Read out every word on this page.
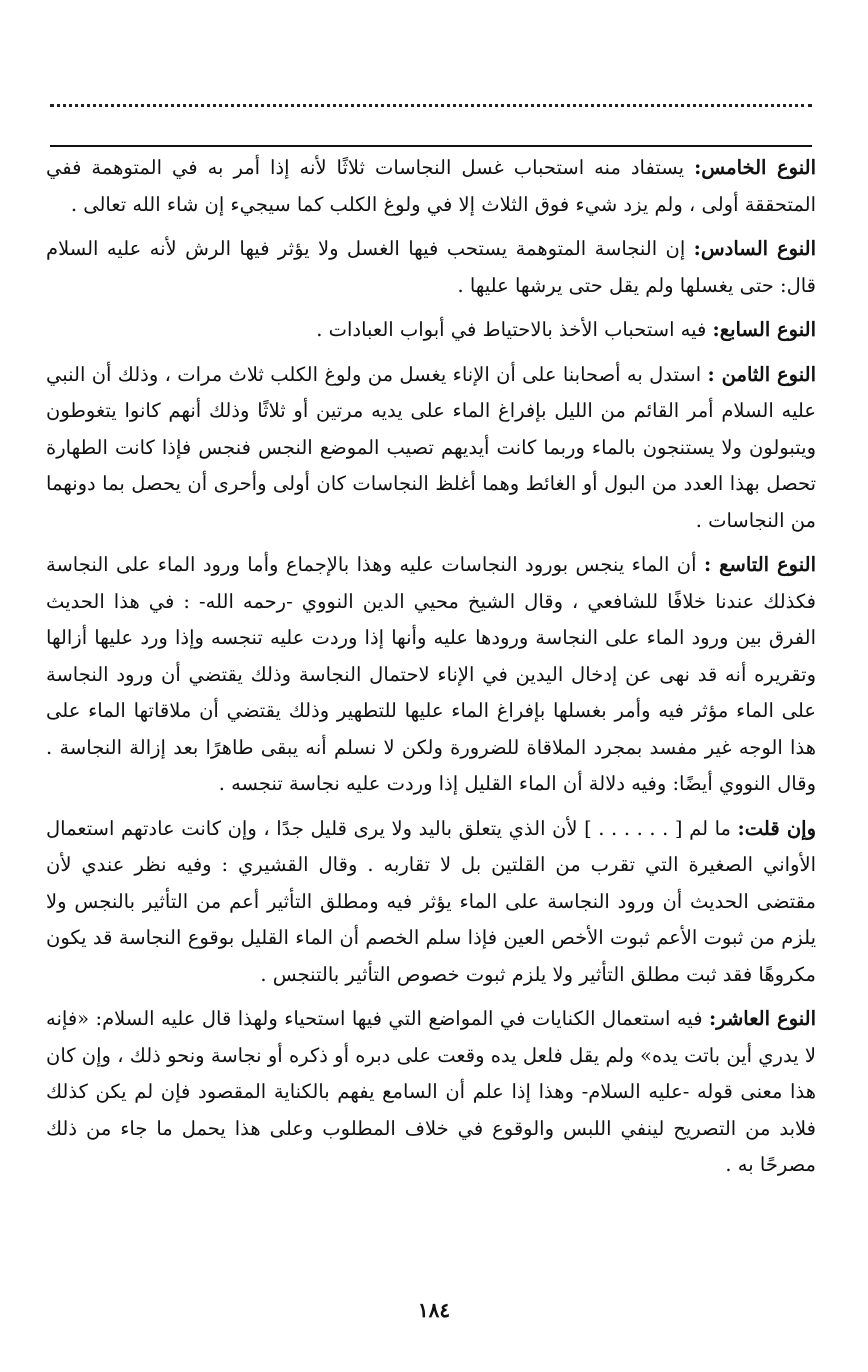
النوع الخامس: يستفاد منه استحباب غسل النجاسات ثلاثًا لأنه إذا أمر به في المتوهمة ففي المتحققة أولى ، ولم يزد شيء فوق الثلاث إلا في ولوغ الكلب كما سيجيء إن شاء الله تعالى .

النوع السادس: إن النجاسة المتوهمة يستحب فيها الغسل ولا يؤثر فيها الرش لأنه عليه السلام قال: حتى يغسلها ولم يقل حتى يرشها عليها .

النوع السابع: فيه استحباب الأخذ بالاحتياط في أبواب العبادات .

النوع الثامن : استدل به أصحابنا على أن الإناء يغسل من ولوغ الكلب ثلاث مرات ، وذلك أن النبي عليه السلام أمر القائم من الليل بإفراغ الماء على يديه مرتين أو ثلاثًا وذلك أنهم كانوا يتغوطون ويتبولون ولا يستنجون بالماء وربما كانت أيديهم تصيب الموضع النجس فنجس فإذا كانت الطهارة تحصل بهذا العدد من البول أو الغائط وهما أغلظ النجاسات كان أولى وأحرى أن يحصل بما دونهما من النجاسات .

النوع التاسع : أن الماء ينجس بورود النجاسات عليه وهذا بالإجماع وأما ورود الماء على النجاسة فكذلك عندنا خلافًا للشافعي ، وقال الشيخ محيي الدين النووي -رحمه الله- : في هذا الحديث الفرق بين ورود الماء على النجاسة ورودها عليه وأنها إذا وردت عليه تنجسه وإذا ورد عليها أزالها وتقريره أنه قد نهى عن إدخال اليدين في الإناء لاحتمال النجاسة وذلك يقتضي أن ورود النجاسة على الماء مؤثر فيه وأمر بغسلها بإفراغ الماء عليها للتطهير وذلك يقتضي أن ملاقاتها الماء على هذا الوجه غير مفسد بمجرد الملاقاة للضرورة ولكن لا نسلم أنه يبقى طاهرًا بعد إزالة النجاسة . وقال النووي أيضًا: وفيه دلالة أن الماء القليل إذا وردت عليه نجاسة تنجسه .

وإن قلت: ما لم [ . . . . . . ] لأن الذي يتعلق باليد ولا يرى قليل جدًا ، وإن كانت عادتهم استعمال الأواني الصغيرة التي تقرب من القلتين بل لا تقاربه . وقال القشيري : وفيه نظر عندي لأن مقتضى الحديث أن ورود النجاسة على الماء يؤثر فيه ومطلق التأثير أعم من التأثير بالنجس ولا يلزم من ثبوت الأعم ثبوت الأخص العين فإذا سلم الخصم أن الماء القليل بوقوع النجاسة قد يكون مكروهًا فقد ثبت مطلق التأثير ولا يلزم ثبوت خصوص التأثير بالتنجس .

النوع العاشر: فيه استعمال الكنايات في المواضع التي فيها استحياء ولهذا قال عليه السلام: «فإنه لا يدري أين باتت يده» ولم يقل فلعل يده وقعت على دبره أو ذكره أو نجاسة ونحو ذلك ، وإن كان هذا معنى قوله -عليه السلام- وهذا إذا علم أن السامع يفهم بالكناية المقصود فإن لم يكن كذلك فلابد من التصريح لينفي اللبس والوقوع في خلاف المطلوب وعلى هذا يحمل ما جاء من ذلك مصرحًا به .

١٨٤
